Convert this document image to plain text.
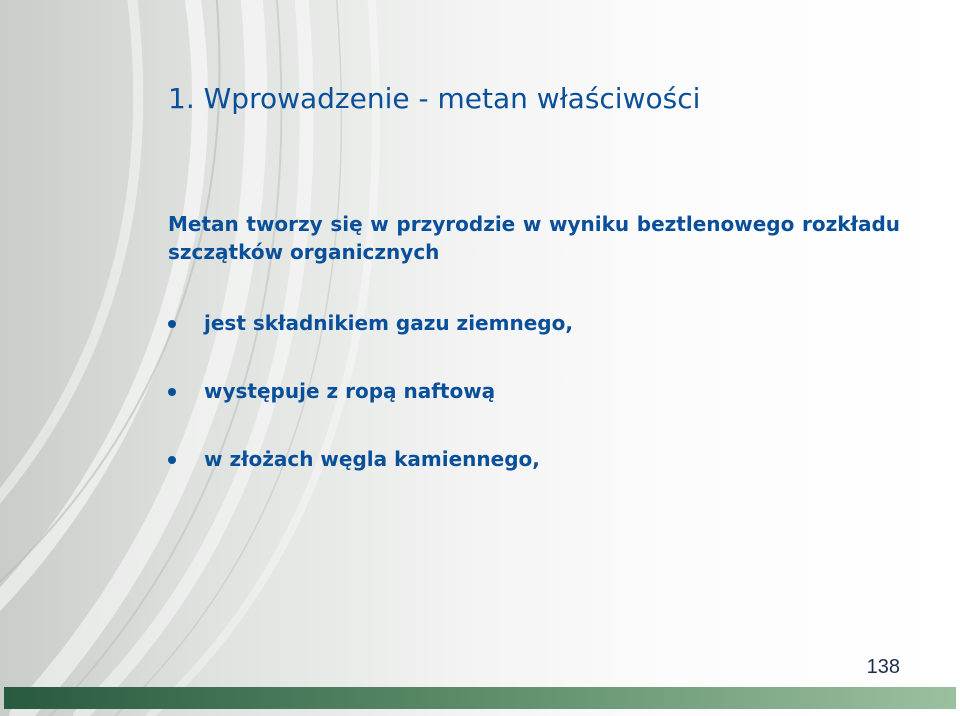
1. Wprowadzenie - metan właściwości

Metan tworzy się w przyrodzie w wyniku beztlenowego rozkładu szczątków organicznych

jest składnikiem gazu ziemnego,
występuje z ropą naftową
w złożach węgla kamiennego,
138
